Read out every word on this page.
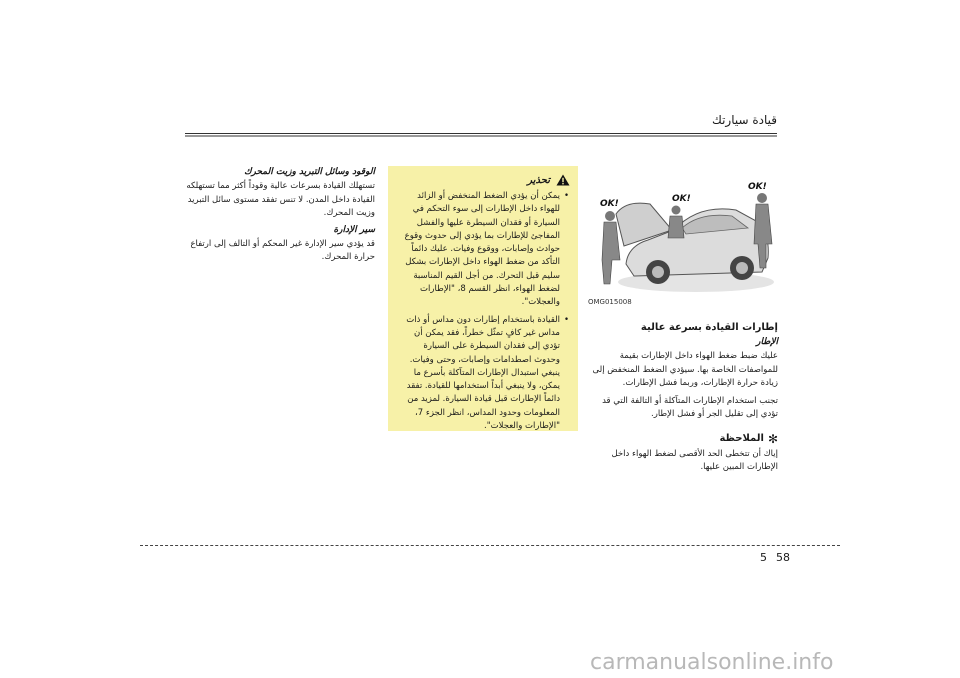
قيادة سيارتك
OK!	OK!
OK!
OMG015008
إطارات القيادة بسرعة عالية
الإطار

عليك ضبط ضغط الهواء داخل الإطارات بقيمة للمواصفات الخاصة بها. سيؤدي الضغط المنخفض إلى زيادة حرارة الإطارات، وربما فشل الإطارات.

تجنب استخدام الإطارات المتآكلة أو التالفة التي قد تؤدي إلى تقليل الجر أو فشل الإطار.

✻
الملاحظة

إياك أن تتخطى الحد الأقصى لضغط الهواء داخل الإطارات المبين عليها.

تحذير
• يمكن أن يؤدي الضغط المنخفض أو الزائد للهواء داخل الإطارات إلى سوء التحكم في السيارة أو فقدان السيطرة عليها والفشل المفاجئ للإطارات بما يؤدي إلى حدوث وقوع حوادث وإصابات، ووقوع وفيات. عليك دائماً التأكد من ضغط الهواء داخل الإطارات بشكل سليم قبل التحرك. من أجل القيم المناسبة لضغط الهواء، انظر القسم 8، "الإطارات والعجلات".
• القيادة باستخدام إطارات دون مداس أو ذات مداس غير كافٍ تمثّل خطراً، فقد يمكن أن تؤدي إلى فقدان السيطرة على السيارة وحدوث اصطدامات وإصابات، وحتى وفيات. ينبغي استبدال الإطارات المتآكلة بأسرع ما يمكن، ولا ينبغي أبداً استخدامها للقيادة. تفقد دائماً الإطارات قبل قيادة السيارة. لمزيد من المعلومات وحدود المداس، انظر الجزء 7، "الإطارات والعجلات".
الوقود وسائل التبريد وزيت المحرك

تستهلك القيادة بسرعات عالية وقوداً أكثر مما تستهلكه القيادة داخل المدن. لا تنس تفقد مستوى سائل التبريد وزيت المحرك.

سير الإدارة

قد يؤدي سير الإدارة غير المحكم أو التالف إلى ارتفاع حرارة المحرك.

5 58
carmanualsonline.info
